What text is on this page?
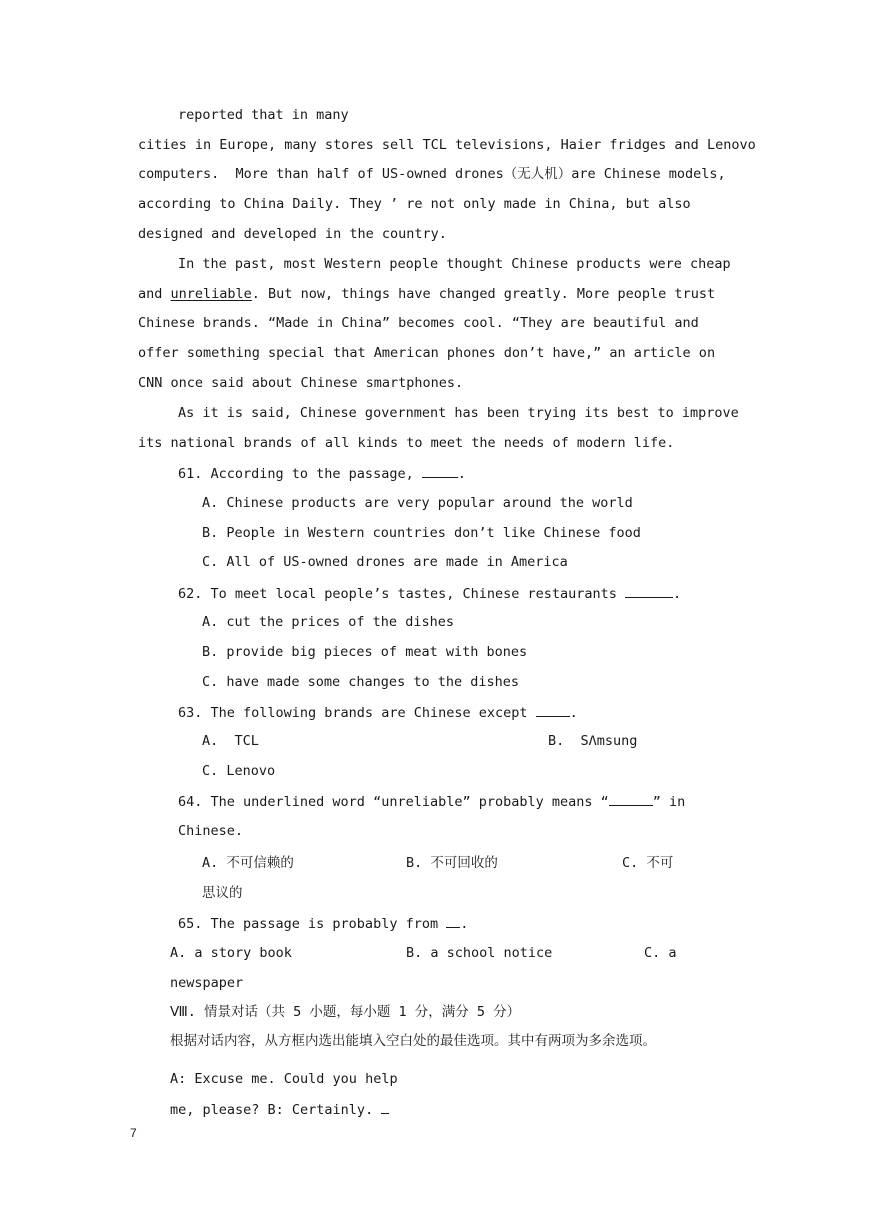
reported that in many
cities in Europe, many stores sell TCL televisions, Haier fridges and Lenovo
computers.  More than half of US-owned drones（无人机）are Chinese models,
according to China Daily. They ’ re not only made in China, but also
designed and developed in the country.
In the past, most Western people thought Chinese products were cheap
and unreliable. But now, things have changed greatly. More people trust
Chinese brands. “Made in China” becomes cool. “They are beautiful and
offer something special that American phones don’t have,” an article on
CNN once said about Chinese smartphones.
As it is said, Chinese government has been trying its best to improve
its national brands of all kinds to meet the needs of modern life.
61. According to the passage,	.
A. Chinese products are very popular around the world
B. People in Western countries don’t like Chinese food
C. All of US-owned drones are made in America
62. To meet local people’s tastes, Chinese restaurants	.
A. cut the prices of the dishes
B. provide big pieces of meat with bones
C. have made some changes to the dishes
63. The following brands are Chinese except	.
A.  TCL	B.  SΛmsung
C. Lenovo
64. The underlined word “unreliable” probably means “	” in
Chinese.
A. 不可信赖的	B. 不可回收的	C. 不可
思议的
65. The passage is probably from .
A. a story book	B. a school notice	C. a
newspaper
Ⅷ. 情景对话（共 5 小题，每小题 1 分，满分 5 分）
根据对话内容，从方框内选出能填入空白处的最佳选项。其中有两项为多余选项。
A: Excuse me. Could you help
me, please? B: Certainly.
7
